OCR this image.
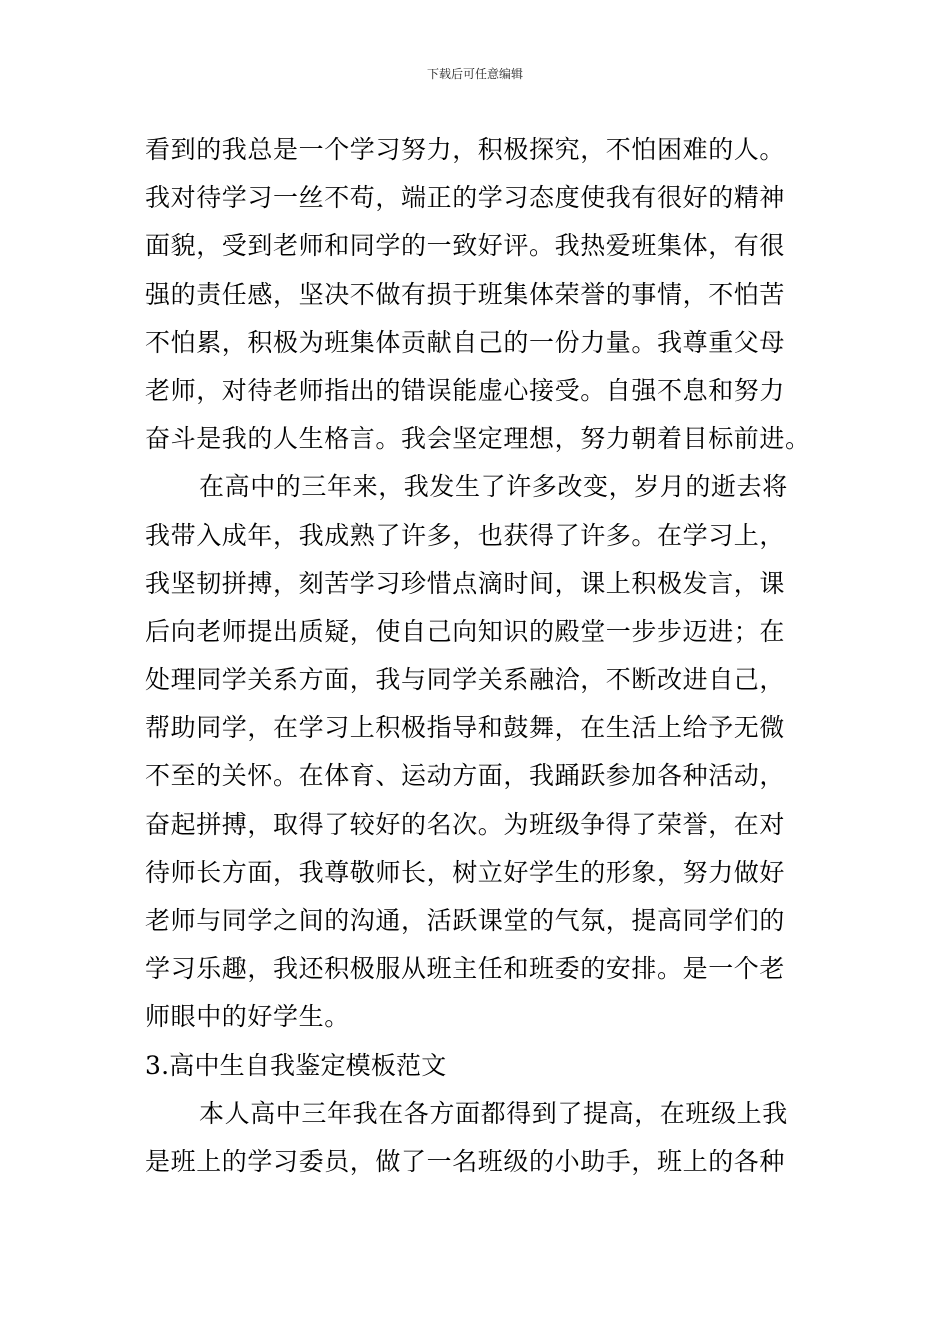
下载后可任意编辑
看到的我总是一个学习努力，积极探究，不怕困难的人。
我对待学习一丝不苟，端正的学习态度使我有很好的精神
面貌，受到老师和同学的一致好评。我热爱班集体，有很
强的责任感，坚决不做有损于班集体荣誉的事情，不怕苦
不怕累，积极为班集体贡献自己的一份力量。我尊重父母
老师，对待老师指出的错误能虚心接受。自强不息和努力
奋斗是我的人生格言。我会坚定理想，努力朝着目标前进。
在高中的三年来，我发生了许多改变，岁月的逝去将
我带入成年，我成熟了许多，也获得了许多。在学习上，
我坚韧拼搏，刻苦学习珍惜点滴时间，课上积极发言，课
后向老师提出质疑，使自己向知识的殿堂一步步迈进；在
处理同学关系方面，我与同学关系融洽，不断改进自己，
帮助同学，在学习上积极指导和鼓舞，在生活上给予无微
不至的关怀。在体育、运动方面，我踊跃参加各种活动，
奋起拼搏，取得了较好的名次。为班级争得了荣誉，在对
待师长方面，我尊敬师长，树立好学生的形象，努力做好
老师与同学之间的沟通，活跃课堂的气氛，提高同学们的
学习乐趣，我还积极服从班主任和班委的安排。是一个老
师眼中的好学生。
3.高中生自我鉴定模板范文
本人高中三年我在各方面都得到了提高，在班级上我
是班上的学习委员，做了一名班级的小助手，班上的各种
